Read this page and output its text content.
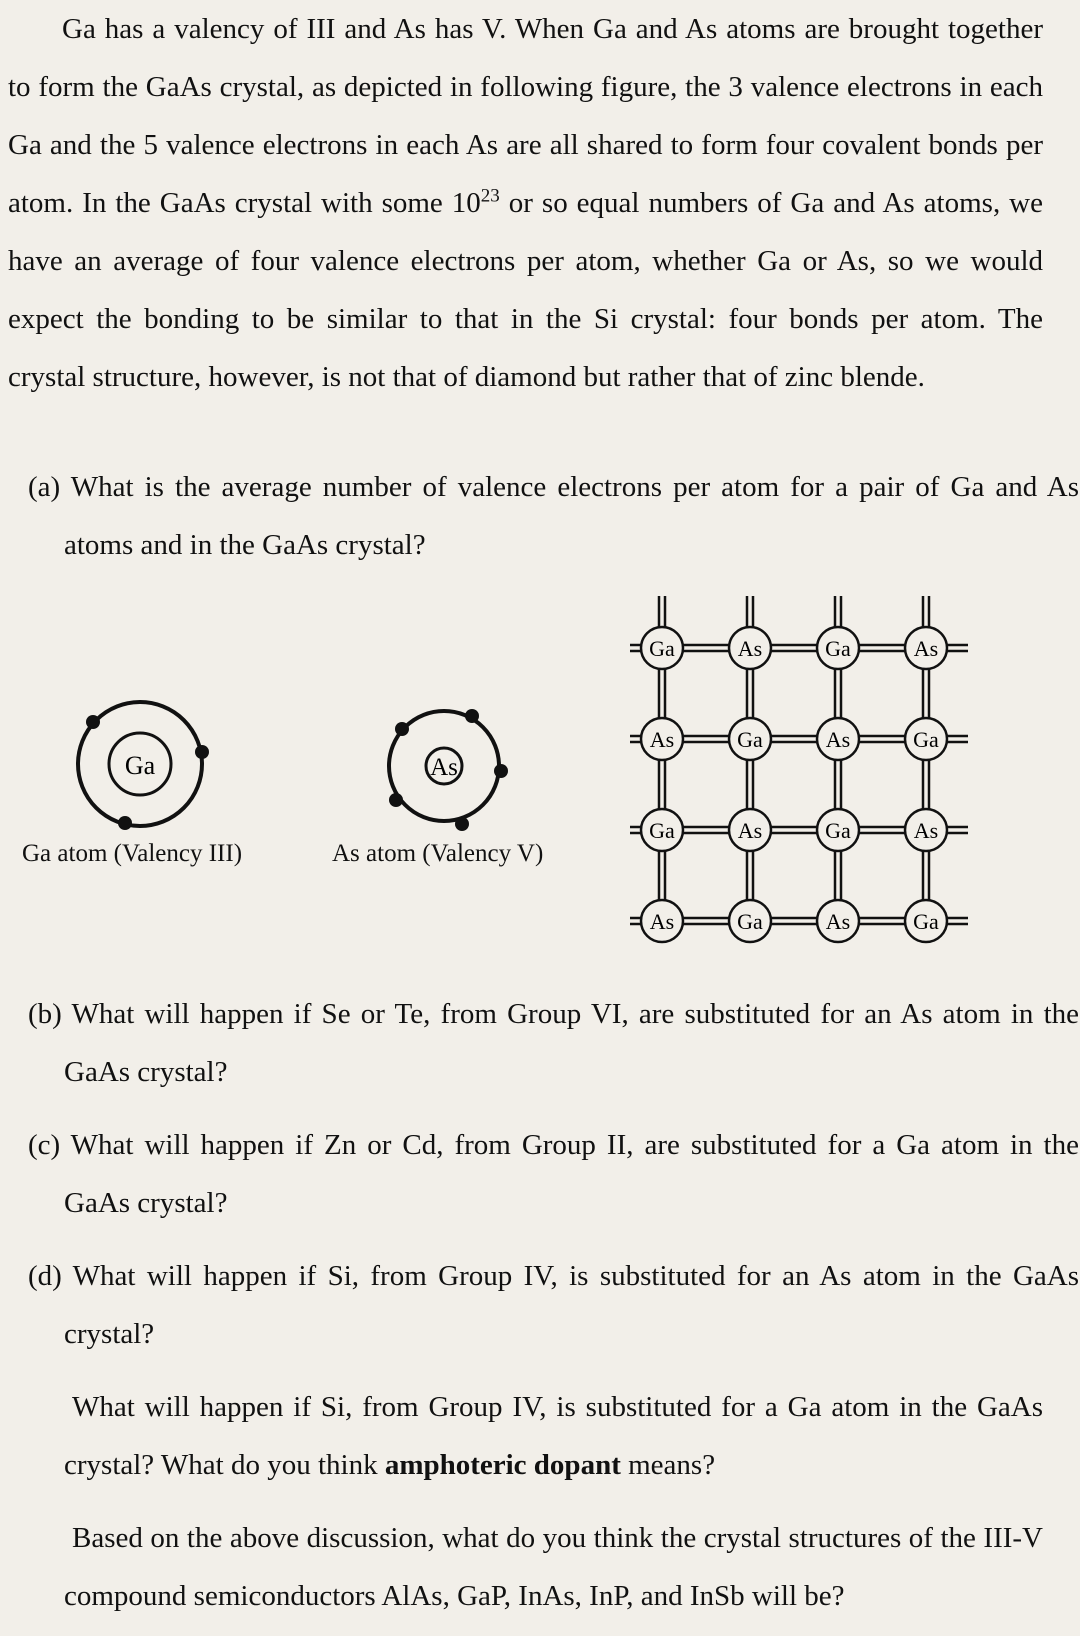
Ga has a valency of III and As has V. When Ga and As atoms are brought together to form the GaAs crystal, as depicted in following figure, the 3 valence electrons in each Ga and the 5 valence electrons in each As are all shared to form four covalent bonds per atom. In the GaAs crystal with some $10^{23}$ or so equal numbers of Ga and As atoms, we have an average of four valence electrons per atom, whether Ga or As, so we would expect the bonding to be similar to that in the Si crystal: four bonds per atom. The crystal structure, however, is not that of diamond but rather that of zinc blende.

(a) What is the average number of valence electrons per atom for a pair of Ga and As atoms and in the GaAs crystal?

Ga	As
Ga atom (Valency III)	As atom (Valency V)
Ga	As	Ga	As
As	Ga	As	Ga
Ga	As	Ga	As
As	Ga	As	Ga

(b) What will happen if Se or Te, from Group VI, are substituted for an As atom in the GaAs crystal?

(c) What will happen if Zn or Cd, from Group II, are substituted for a Ga atom in the GaAs crystal?

(d) What will happen if Si, from Group IV, is substituted for an As atom in the GaAs crystal?

What will happen if Si, from Group IV, is substituted for a Ga atom in the GaAs crystal? What do you think amphoteric dopant means?

Based on the above discussion, what do you think the crystal structures of the III-V compound semiconductors AlAs, GaP, InAs, InP, and InSb will be?
